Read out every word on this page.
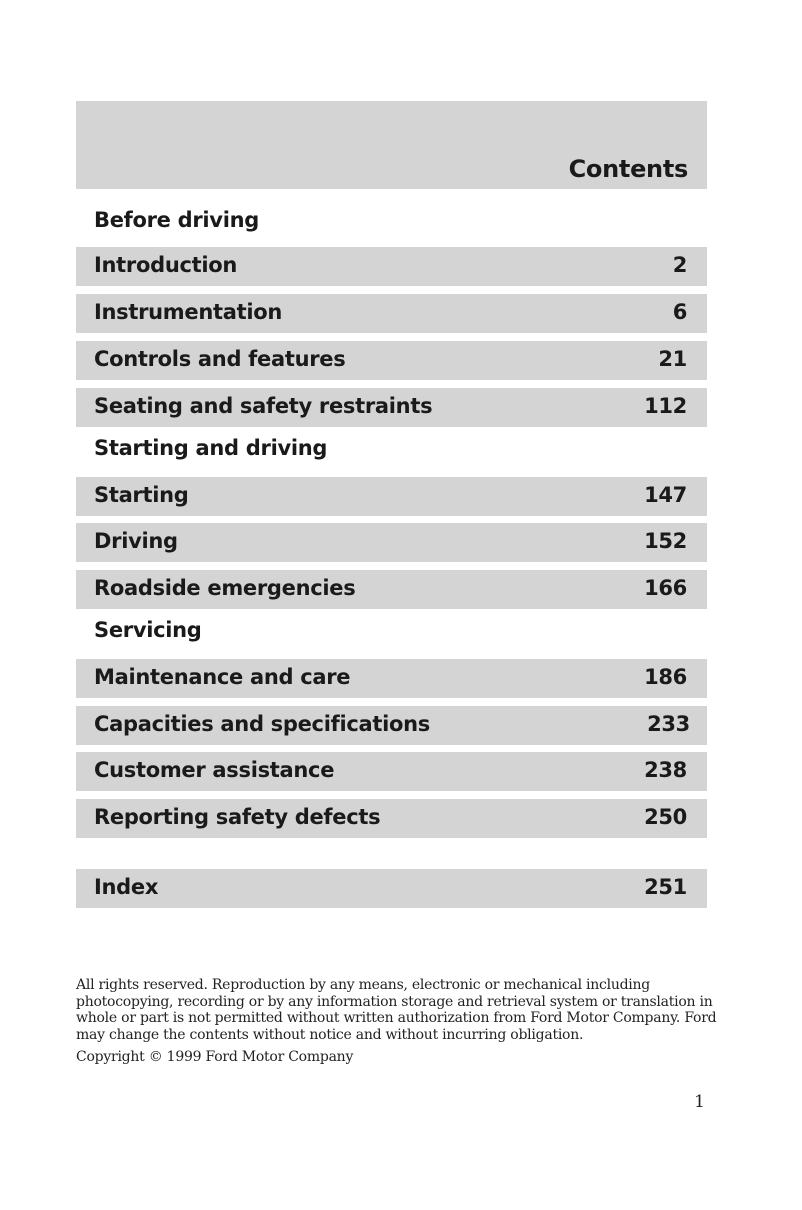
Contents
Before driving
Introduction	2
Instrumentation	6
Controls and features	21
Seating and safety restraints	112
Starting and driving
Starting	147
Driving	152
Roadside emergencies	166
Servicing
Maintenance and care	186
Capacities and specifications	233
Customer assistance	238
Reporting safety defects	250
Index	251
All rights reserved. Reproduction by any means, electronic or mechanical including photocopying, recording or by any information storage and retrieval system or translation in whole or part is not permitted without written authorization from Ford Motor Company. Ford may change the contents without notice and without incurring obligation.
Copyright © 1999 Ford Motor Company
1
